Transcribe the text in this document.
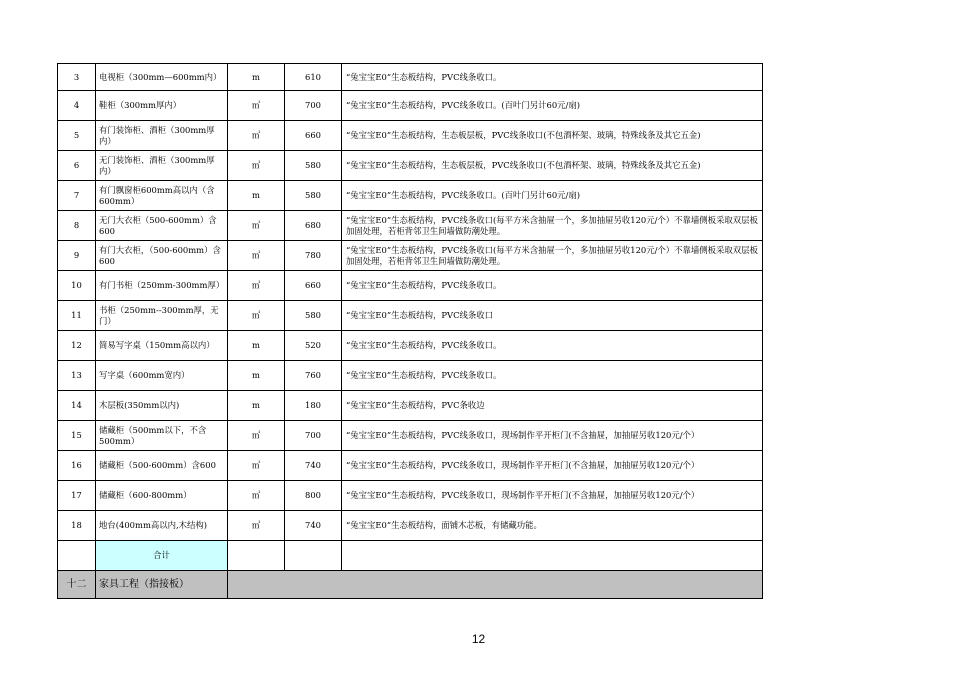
3	电视柜（300mm—600mm内）	m	610	“兔宝宝E0”生态板结构，PVC线条收口。
4	鞋柜（300mm厚内）	㎡	700	“兔宝宝E0”生态板结构，PVC线条收口。(百叶门另计60元/扇)
5	有门装饰柜、酒柜（300mm厚内）	㎡	660	“兔宝宝E0”生态板结构，生态板层板，PVC线条收口(不包酒杯架、玻璃，特殊线条及其它五金)
6	无门装饰柜、酒柜（300mm厚内）	㎡	580	“兔宝宝E0”生态板结构，生态板层板，PVC线条收口(不包酒杯架、玻璃，特殊线条及其它五金)
7	有门飘窗柜600mm高以内（含600mm）	m	580	“兔宝宝E0”生态板结构，PVC线条收口。(百叶门另计60元/扇)
8	无门大衣柜（500-600mm）含600	㎡	680	“兔宝宝E0”生态板结构，PVC线条收口(每平方米含抽屉一个，多加抽屉另收120元/个）不靠墙侧板采取双层板加固处理，若柜背邻卫生间墙做防潮处理。
9	有门大衣柜，（500-600mm）含600	㎡	780	“兔宝宝E0”生态板结构，PVC线条收口(每平方米含抽屉一个，多加抽屉另收120元/个）不靠墙侧板采取双层板加固处理，若柜背邻卫生间墙做防潮处理。
10	有门书柜（250mm-300mm厚）	㎡	660	“兔宝宝E0”生态板结构，PVC线条收口。
11	书柜（250mm--300mm厚，无门）	㎡	580	“兔宝宝E0”生态板结构，PVC线条收口
12	简易写字桌（150mm高以内）	m	520	“兔宝宝E0”生态板结构，PVC线条收口。
13	写字桌（600mm宽内）	m	760	“兔宝宝E0”生态板结构，PVC线条收口。
14	木层板(350mm以内)	m	180	“兔宝宝E0”生态板结构，PVC条收边
15	储藏柜（500mm以下，不含500mm）	㎡	700	“兔宝宝E0”生态板结构，PVC线条收口，现场制作平开柜门(不含抽屉，加抽屉另收120元/个）
16	储藏柜（500-600mm）含600	㎡	740	“兔宝宝E0”生态板结构，PVC线条收口，现场制作平开柜门(不含抽屉，加抽屉另收120元/个）
17	储藏柜（600-800mm）	㎡	800	“兔宝宝E0”生态板结构，PVC线条收口，现场制作平开柜门(不含抽屉，加抽屉另收120元/个）
18	地台(400mm高以内,木结构)	㎡	740	“兔宝宝E0”生态板结构，面铺木芯板，有储藏功能。
	合计			
十二	家具工程（指接板）			
12
